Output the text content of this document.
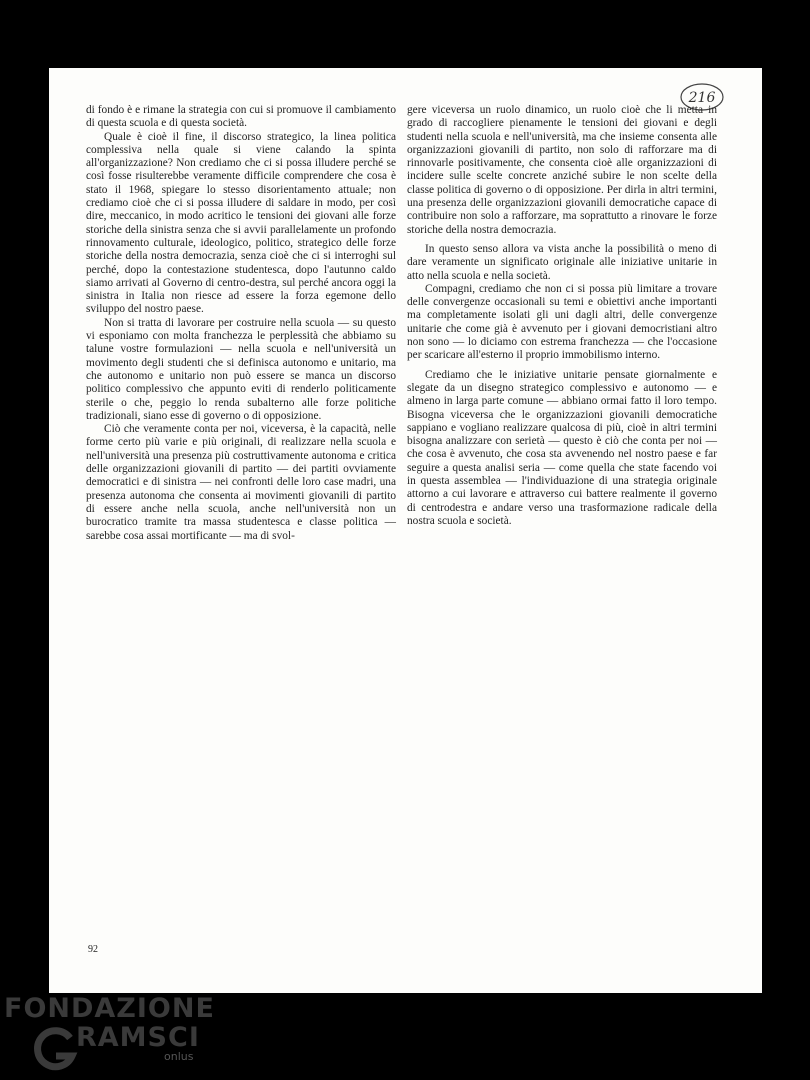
216

di fondo è e rimane la strategia con cui si promuove il cambiamento di questa scuola e di questa società.

Quale è cioè il fine, il discorso strategico, la linea politica complessiva nella quale si viene calando la spinta all'organizzazione? Non crediamo che ci si possa illudere perché se così fosse risulterebbe veramente difficile comprendere che cosa è stato il 1968, spiegare lo stesso disorientamento attuale; non crediamo cioè che ci si possa illudere di saldare in modo, per così dire, meccanico, in modo acritico le tensioni dei giovani alle forze storiche della sinistra senza che si avvii parallelamente un profondo rinnovamento culturale, ideologico, politico, strategico delle forze storiche della nostra democrazia, senza cioè che ci si interroghi sul perché, dopo la contestazione studentesca, dopo l'autunno caldo siamo arrivati al Governo di centro-destra, sul perché ancora oggi la sinistra in Italia non riesce ad essere la forza egemone dello sviluppo del nostro paese.

Non si tratta di lavorare per costruire nella scuola — su questo vi esponiamo con molta franchezza le perplessità che abbiamo su talune vostre formulazioni — nella scuola e nell'università un movimento degli studenti che si definisca autonomo e unitario, ma che autonomo e unitario non può essere se manca un discorso politico complessivo che appunto eviti di renderlo politicamente sterile o che, peggio lo renda subalterno alle forze politiche tradizionali, siano esse di governo o di opposizione.

Ciò che veramente conta per noi, viceversa, è la capacità, nelle forme certo più varie e più originali, di realizzare nella scuola e nell'università una presenza più costruttivamente autonoma e critica delle organizzazioni giovanili di partito — dei partiti ovviamente democratici e di sinistra — nei confronti delle loro case madri, una presenza autonoma che consenta ai movimenti giovanili di partito di essere anche nella scuola, anche nell'università non un burocratico tramite tra massa studentesca e classe politica — sarebbe cosa assai mortificante — ma di svol-

gere viceversa un ruolo dinamico, un ruolo cioè che li metta in grado di raccogliere pienamente le tensioni dei giovani e degli studenti nella scuola e nell'università, ma che insieme consenta alle organizzazioni giovanili di partito, non solo di rafforzare ma di rinnovarle positivamente, che consenta cioè alle organizzazioni di incidere sulle scelte concrete anziché subire le non scelte della classe politica di governo o di opposizione. Per dirla in altri termini, una presenza delle organizzazioni giovanili democratiche capace di contribuire non solo a rafforzare, ma soprattutto a rinovare le forze storiche della nostra democrazia.

In questo senso allora va vista anche la possibilità o meno di dare veramente un significato originale alle iniziative unitarie in atto nella scuola e nella società.

Compagni, crediamo che non ci si possa più limitare a trovare delle convergenze occasionali su temi e obiettivi anche importanti ma completamente isolati gli uni dagli altri, delle convergenze unitarie che come già è avvenuto per i giovani democristiani altro non sono — lo diciamo con estrema franchezza — che l'occasione per scaricare all'esterno il proprio immobilismo interno.

Crediamo che le iniziative unitarie pensate giornalmente e slegate da un disegno strategico complessivo e autonomo — e almeno in larga parte comune — abbiano ormai fatto il loro tempo. Bisogna viceversa che le organizzazioni giovanili democratiche sappiano e vogliano realizzare qualcosa di più, cioè in altri termini bisogna analizzare con serietà — questo è ciò che conta per noi — che cosa è avvenuto, che cosa sta avvenendo nel nostro paese e far seguire a questa analisi seria — come quella che state facendo voi in questa assemblea — l'individuazione di una strategia originale attorno a cui lavorare e attraverso cui battere realmente il governo di centrodestra e andare verso una trasformazione radicale della nostra scuola e società.

92
FONDAZIONE
RAMSCI
onlus
